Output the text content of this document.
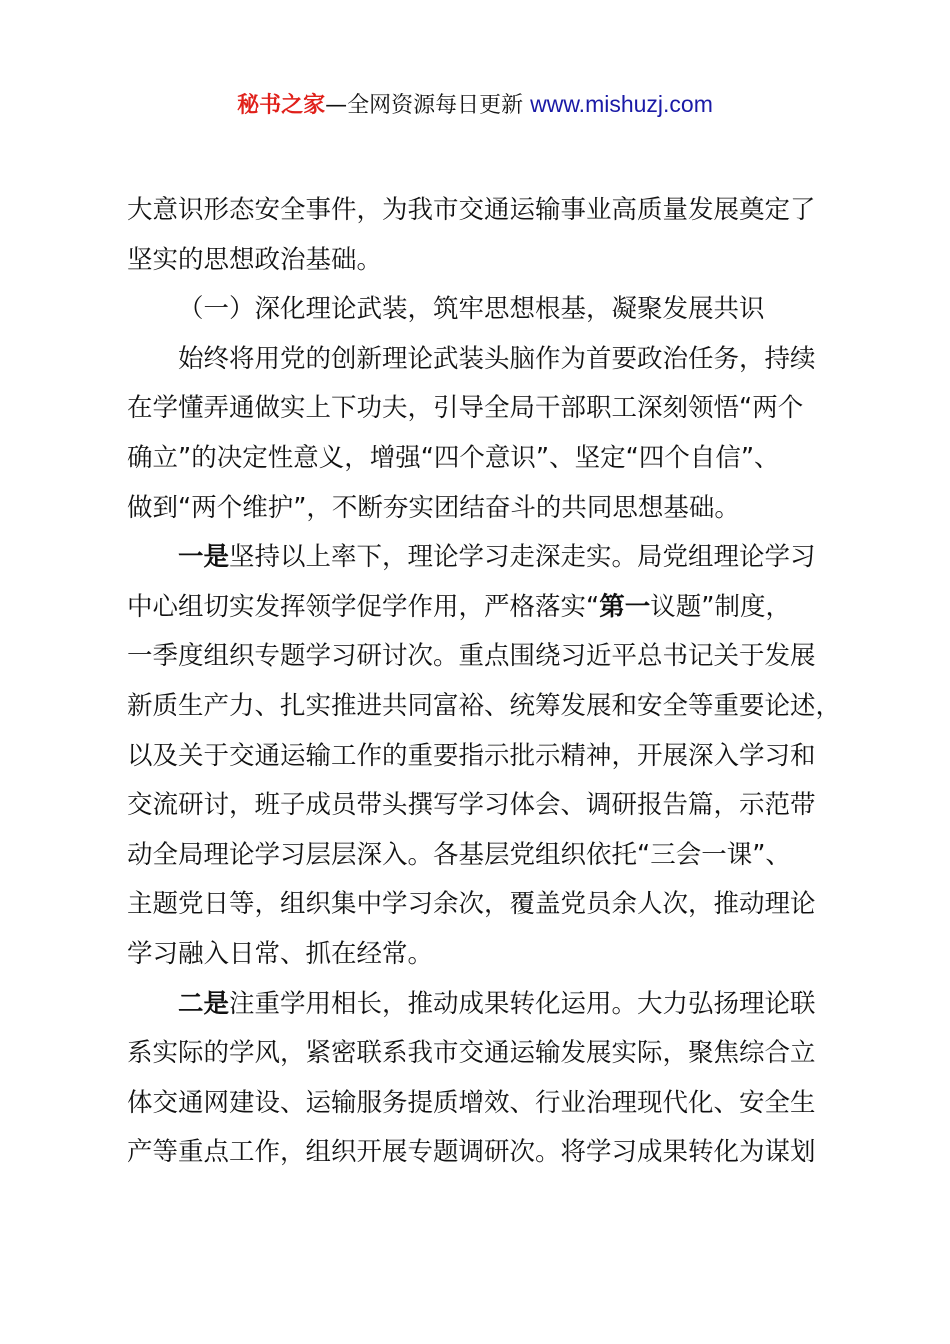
秘书之家—全网资源每日更新 www.mishuzj.com
大意识形态安全事件，为我市交通运输事业高质量发展奠定了
坚实的思想政治基础。
（一）深化理论武装，筑牢思想根基，凝聚发展共识
始终将用党的创新理论武装头脑作为首要政治任务，持续
在学懂弄通做实上下功夫，引导全局干部职工深刻领悟“两个
确立”的决定性意义，增强“四个意识”、坚定“四个自信”、
做到“两个维护”，不断夯实团结奋斗的共同思想基础。
一是坚持以上率下，理论学习走深走实。局党组理论学习
中心组切实发挥领学促学作用，严格落实“第一议题”制度，
一季度组织专题学习研讨次。重点围绕习近平总书记关于发展
新质生产力、扎实推进共同富裕、统筹发展和安全等重要论述，
以及关于交通运输工作的重要指示批示精神，开展深入学习和
交流研讨，班子成员带头撰写学习体会、调研报告篇，示范带
动全局理论学习层层深入。各基层党组织依托“三会一课”、
主题党日等，组织集中学习余次，覆盖党员余人次，推动理论
学习融入日常、抓在经常。
二是注重学用相长，推动成果转化运用。大力弘扬理论联
系实际的学风，紧密联系我市交通运输发展实际，聚焦综合立
体交通网建设、运输服务提质增效、行业治理现代化、安全生
产等重点工作，组织开展专题调研次。将学习成果转化为谋划
